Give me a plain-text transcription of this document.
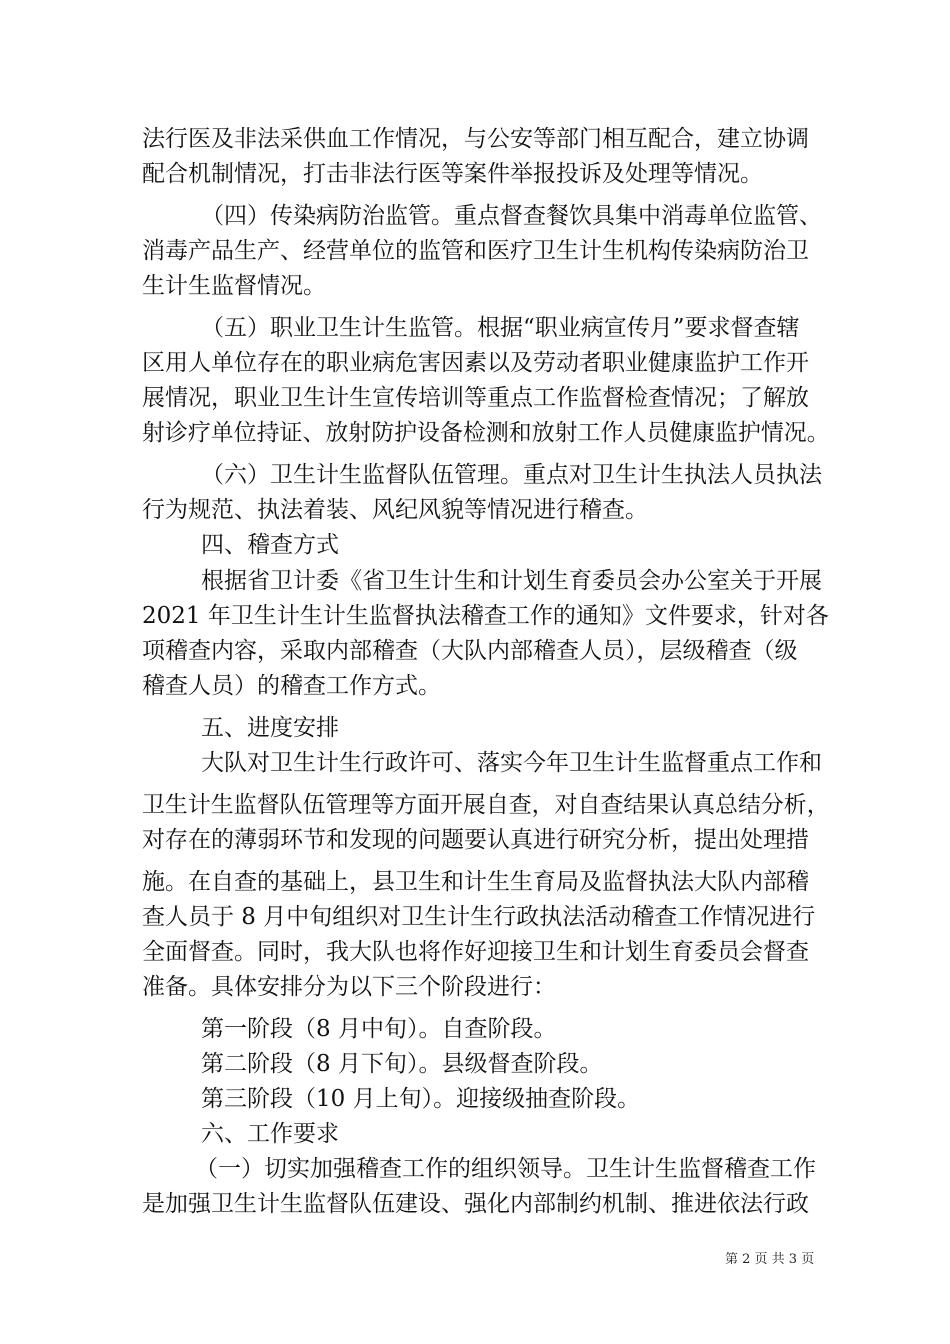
法行医及非法采供血工作情况，与公安等部门相互配合，建立协调
配合机制情况，打击非法行医等案件举报投诉及处理等情况。
（四）传染病防治监管。重点督查餐饮具集中消毒单位监管、
消毒产品生产、经营单位的监管和医疗卫生计生机构传染病防治卫
生计生监督情况。
（五）职业卫生计生监管。根据“职业病宣传月”要求督查辖
区用人单位存在的职业病危害因素以及劳动者职业健康监护工作开
展情况，职业卫生计生宣传培训等重点工作监督检查情况；了解放
射诊疗单位持证、放射防护设备检测和放射工作人员健康监护情况。
（六）卫生计生监督队伍管理。重点对卫生计生执法人员执法
行为规范、执法着装、风纪风貌等情况进行稽查。
四、稽查方式
根据省卫计委《省卫生计生和计划生育委员会办公室关于开展
2021 年卫生计生计生监督执法稽查工作的通知》文件要求，针对各
项稽查内容，采取内部稽查（大队内部稽查人员），层级稽查（级
稽查人员）的稽查工作方式。
五、进度安排
大队对卫生计生行政许可、落实今年卫生计生监督重点工作和
卫生计生监督队伍管理等方面开展自查，对自查结果认真总结分析，
对存在的薄弱环节和发现的问题要认真进行研究分析，提出处理措
施。在自查的基础上，县卫生和计生生育局及监督执法大队内部稽
查人员于 8 月中旬组织对卫生计生行政执法活动稽查工作情况进行
全面督查。同时，我大队也将作好迎接卫生和计划生育委员会督查
准备。具体安排分为以下三个阶段进行：
第一阶段（8 月中旬）。自查阶段。
第二阶段（8 月下旬）。县级督查阶段。
第三阶段（10 月上旬）。迎接级抽查阶段。
六、工作要求
（一）切实加强稽查工作的组织领导。卫生计生监督稽查工作
是加强卫生计生监督队伍建设、强化内部制约机制、推进依法行政
第 2 页 共 3 页
